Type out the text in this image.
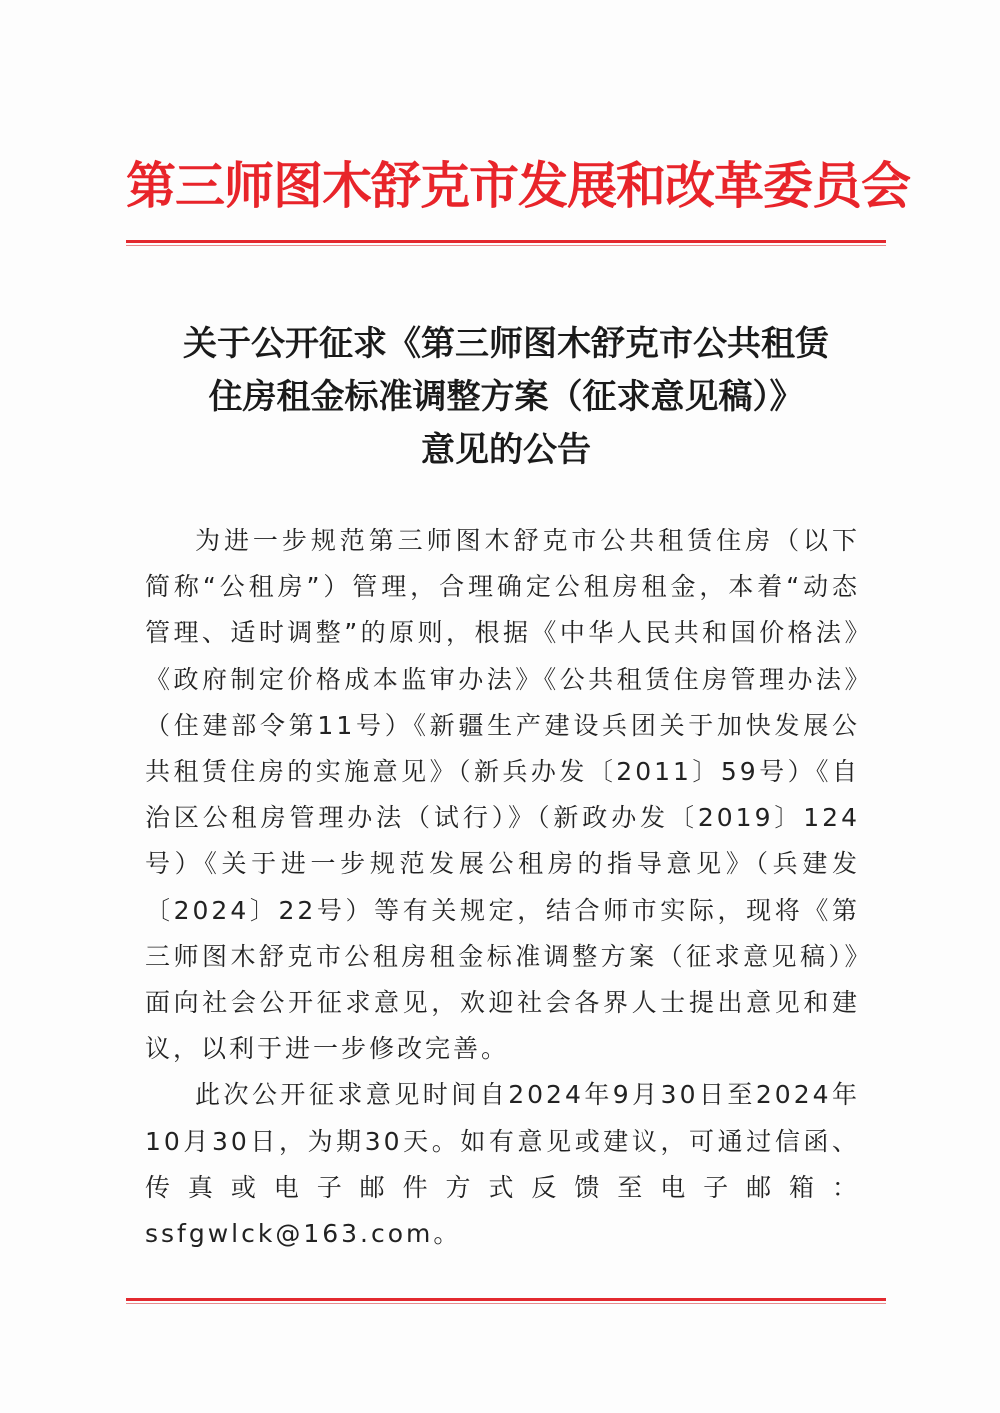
第三师图木舒克市发展和改革委员会
关于公开征求《第三师图木舒克市公共租赁
住房租金标准调整方案（征求意见稿）》
意见的公告

为进一步规范第三师图木舒克市公共租赁住房（以下简称“公租房”）管理，合理确定公租房租金，本着“动态管理、适时调整”的原则，根据《中华人民共和国价格法》《政府制定价格成本监审办法》《公共租赁住房管理办法》（住建部令第11号）《新疆生产建设兵团关于加快发展公共租赁住房的实施意见》（新兵办发〔2011〕59号）《自治区公租房管理办法（试行）》（新政办发〔2019〕124号）《关于进一步规范发展公租房的指导意见》（兵建发〔2024〕22号）等有关规定，结合师市实际，现将《第三师图木舒克市公租房租金标准调整方案（征求意见稿）》面向社会公开征求意见，欢迎社会各界人士提出意见和建议，以利于进一步修改完善。

此次公开征求意见时间自2024年9月30日至2024年10月30日，为期30天。如有意见或建议，可通过信函、传真或电子邮件方式反馈至电子邮箱：ssfgwlck@163.com。
